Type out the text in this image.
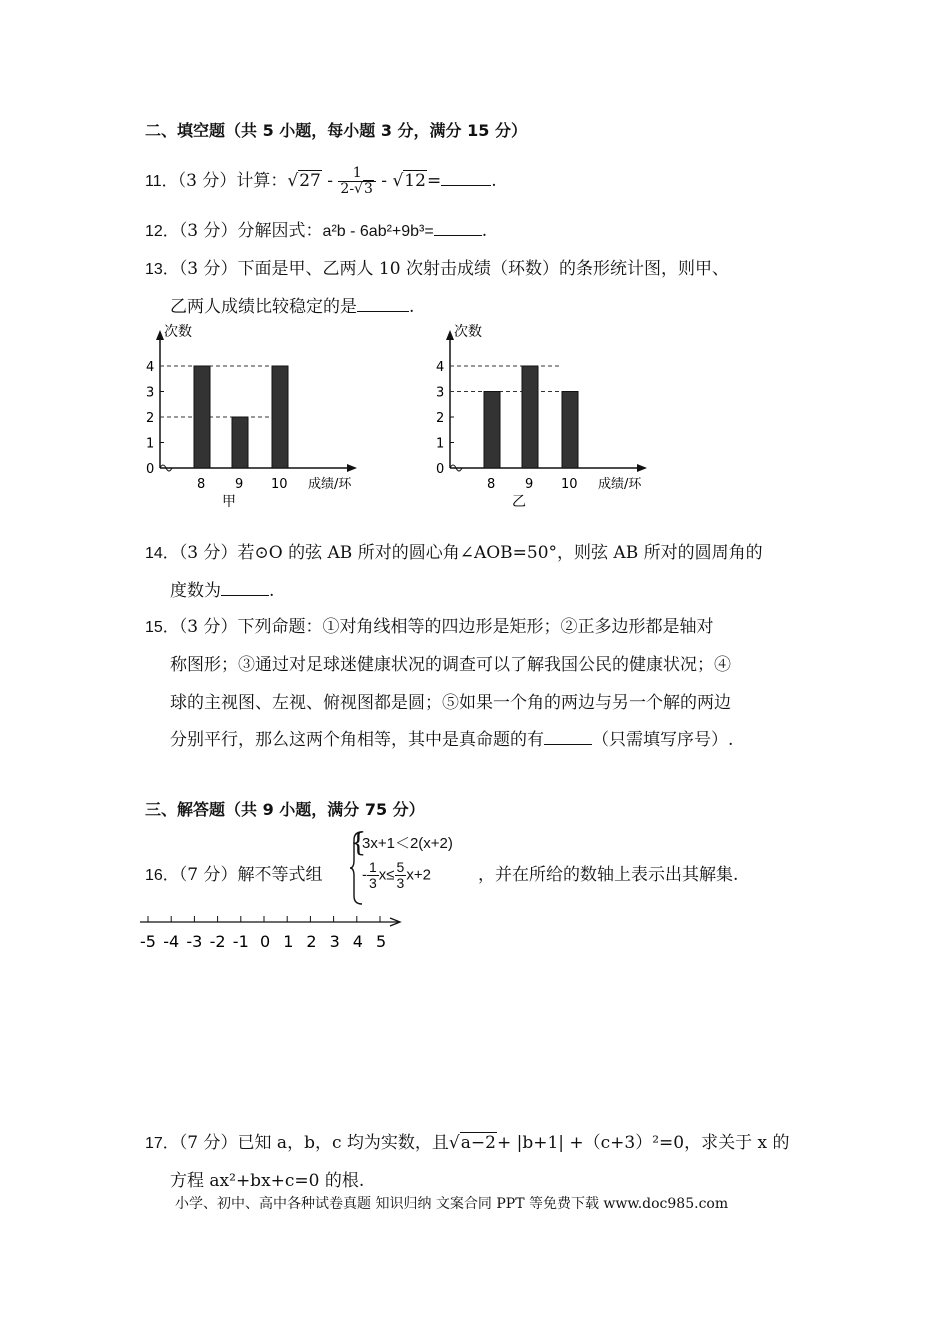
二、填空题（共 5 小题，每小题 3 分，满分 15 分）
11．（3 分）计算：√27 ‐ $\frac{1}{2‐√3}$ ‐ √12=	.
12．（3 分）分解因式：a²b ‐ 6ab²+9b³=	.
13．（3 分）下面是甲、乙两人 10 次射击成绩（环数）的条形统计图，则甲、
乙两人成绩比较稳定的是	.
次数
0
1
2
3
4
8 9 10 成绩/环
甲
次数
0
1
2
3
4
8 9 10 成绩/环
乙
14．（3 分）若⊙O 的弦 AB 所对的圆心角∠AOB=50°，则弦 AB 所对的圆周角的
度数为	.
15．（3 分）下列命题：①对角线相等的四边形是矩形；②正多边形都是轴对
称图形；③通过对足球迷健康状况的调查可以了解我国公民的健康状况；④
球的主视图、左视、俯视图都是圆；⑤如果一个角的两边与另一个解的两边
分别平行，那么这两个角相等，其中是真命题的有	（只需填写序号）.
三、解答题（共 9 小题，满分 75 分）
16．（7 分）解不等式组
{
3x+1＜2(x+2)
‐ $\frac{1}{3} x\le \frac{5}{3} x+2$	，并在所给的数轴上表示出其解集.
-5 -4 -3 -2 -1 0 1 2 3 4 5
17．（7 分）已知 a，b，c 均为实数，且√a−2+ |b+1| +（c+3）²=0，求关于 x 的
方程 ax²+bx+c=0 的根.
小学、初中、高中各种试卷真题 知识归纳 文案合同 PPT 等免费下载 www.doc985.com
